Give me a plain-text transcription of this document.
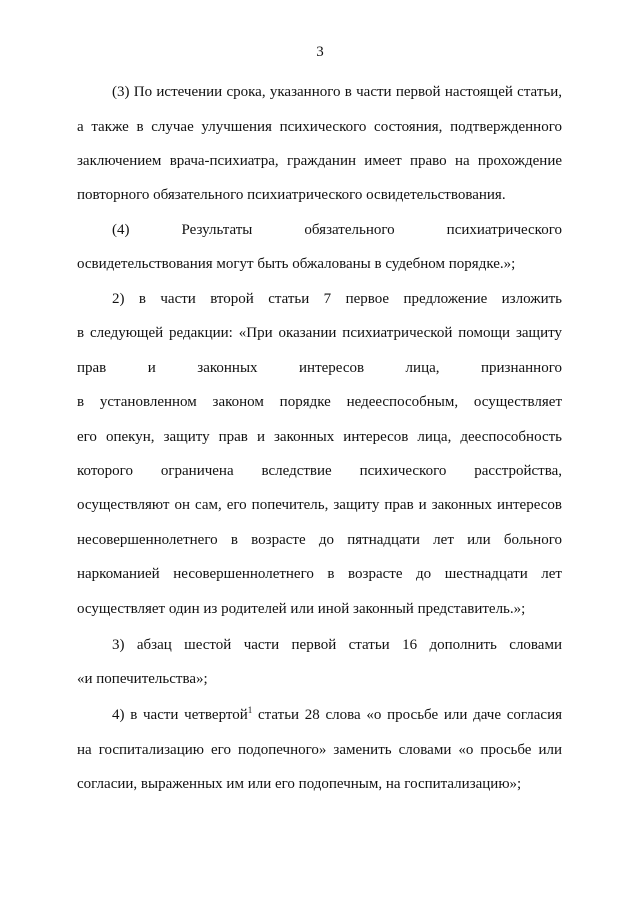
3
(3) По истечении срока, указанного в части первой настоящей статьи,
а также в случае улучшения психического состояния, подтвержденного
заключением врача-психиатра, гражданин имеет право на прохождение
повторного обязательного психиатрического освидетельствования.
(4) Результаты обязательного психиатрического
освидетельствования могут быть обжалованы в судебном порядке.»;
2) в части второй статьи 7 первое предложение изложить
в следующей редакции: «При оказании психиатрической помощи защиту
прав и законных интересов лица, признанного
в установленном законом порядке недееспособным, осуществляет
его опекун, защиту прав и законных интересов лица, дееспособность
которого ограничена вследствие психического расстройства,
осуществляют он сам, его попечитель, защиту прав и законных интересов
несовершеннолетнего в возрасте до пятнадцати лет или больного
наркоманией несовершеннолетнего в возрасте до шестнадцати лет
осуществляет один из родителей или иной законный представитель.»;
3) абзац шестой части первой статьи 16 дополнить словами
«и попечительства»;
4) в части четвертой$^1$ статьи 28 слова «о просьбе или даче согласия
на госпитализацию его подопечного» заменить словами «о просьбе или
согласии, выраженных им или его подопечным, на госпитализацию»;
